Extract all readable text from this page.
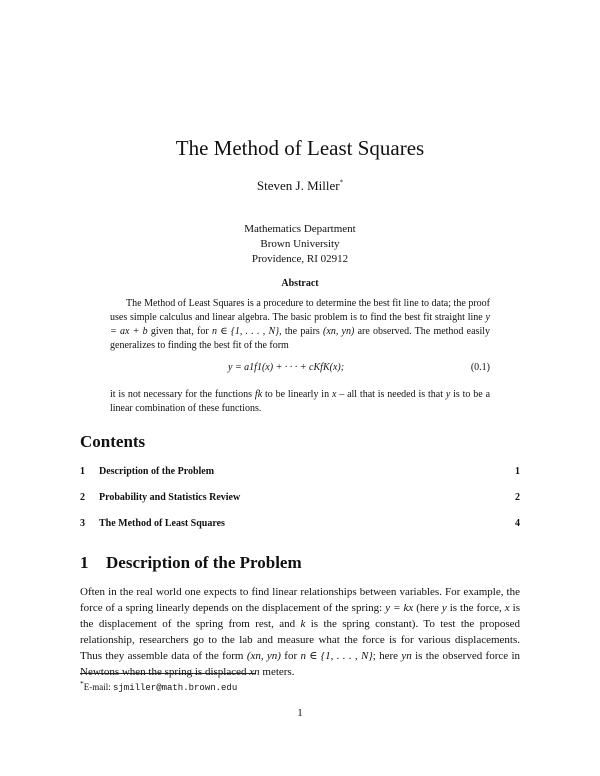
The Method of Least Squares
Steven J. Miller*
Mathematics Department
Brown University
Providence, RI 02912
Abstract
The Method of Least Squares is a procedure to determine the best fit line to data; the proof uses simple calculus and linear algebra. The basic problem is to find the best fit straight line y = ax + b given that, for n ∈ {1, . . . , N}, the pairs (xn, yn) are observed. The method easily generalizes to finding the best fit of the form
y = a1f1(x) + · · · + cKfK(x);	(0.1)
it is not necessary for the functions fk to be linearly in x – all that is needed is that y is to be a linear combination of these functions.
Contents
1 Description of the Problem	1
2 Probability and Statistics Review	2
3 The Method of Least Squares	4
1 Description of the Problem
Often in the real world one expects to find linear relationships between variables. For example, the force of a spring linearly depends on the displacement of the spring: y = kx (here y is the force, x is the displacement of the spring from rest, and k is the spring constant). To test the proposed relationship, researchers go to the lab and measure what the force is for various displacements. Thus they assemble data of the form (xn, yn) for n ∈ {1, . . . , N}; here yn is the observed force in Newtons when the spring is displaced xn meters.
*E-mail: sjmiller@math.brown.edu
1
